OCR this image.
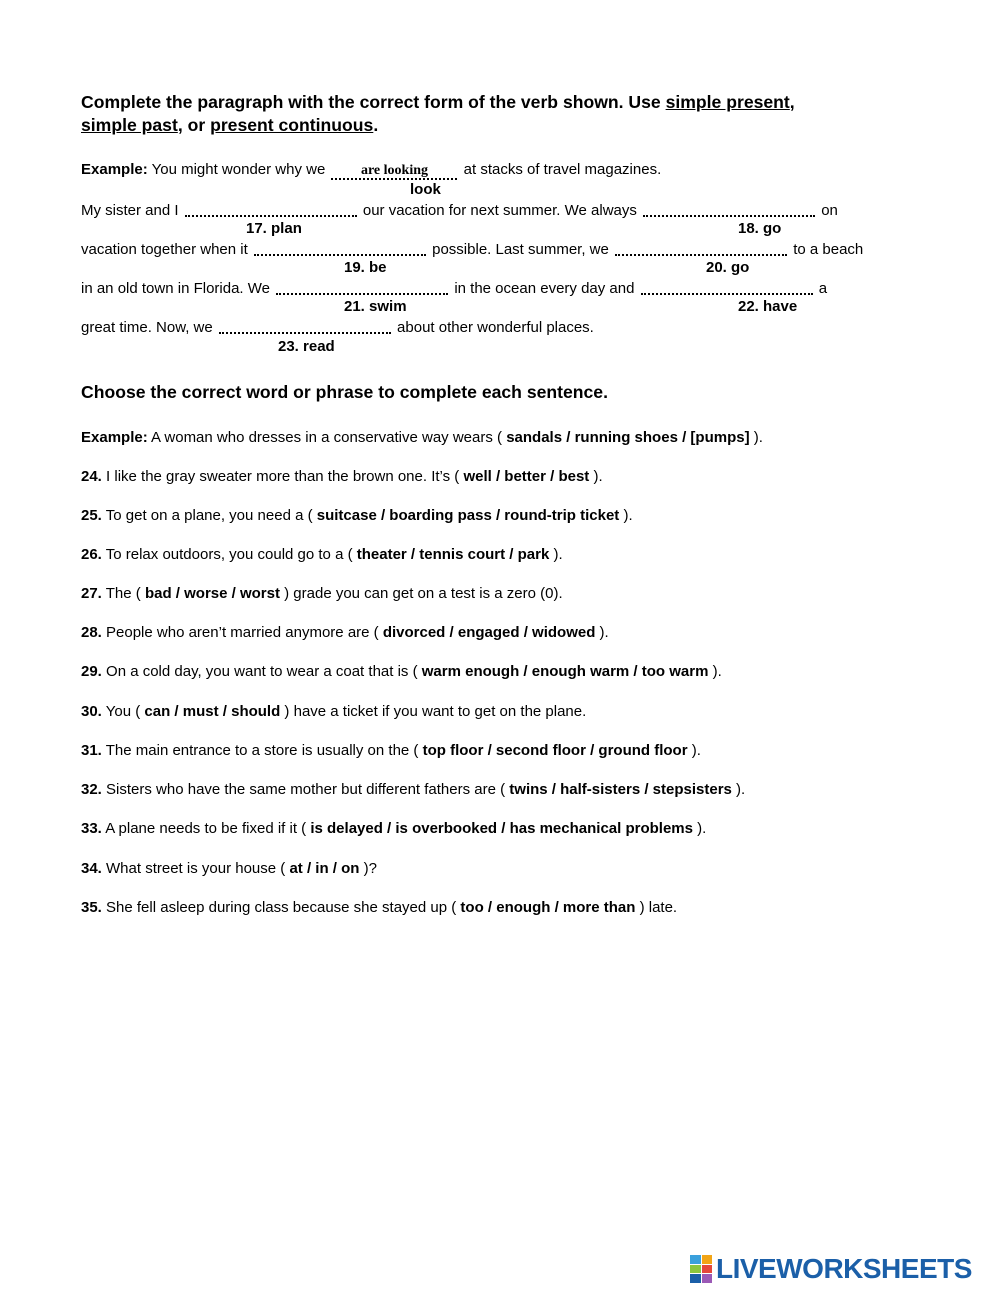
Complete the paragraph with the correct form of the verb shown. Use simple present,
simple past, or present continuous.
Example: You might wonder why we are looking at stacks of travel magazines.
look
My sister and I	our vacation for next summer. We always	on
17. plan	18. go
vacation together when it	possible. Last summer, we	to a beach
19. be	20. go
in an old town in Florida. We	in the ocean every day and	a
21. swim	22. have
great time. Now, we	about other wonderful places.
23. read
Choose the correct word or phrase to complete each sentence.
Example: A woman who dresses in a conservative way wears ( sandals / running shoes / [pumps] ).
24. I like the gray sweater more than the brown one. It’s ( well / better / best ).
25. To get on a plane, you need a ( suitcase / boarding pass / round-trip ticket ).
26. To relax outdoors, you could go to a ( theater / tennis court / park ).
27. The ( bad / worse / worst ) grade you can get on a test is a zero (0).
28. People who aren’t married anymore are ( divorced / engaged / widowed ).
29. On a cold day, you want to wear a coat that is ( warm enough / enough warm / too warm ).
30. You ( can / must / should ) have a ticket if you want to get on the plane.
31. The main entrance to a store is usually on the ( top floor / second floor / ground floor ).
32. Sisters who have the same mother but different fathers are ( twins / half-sisters / stepsisters ).
33. A plane needs to be fixed if it ( is delayed / is overbooked / has mechanical problems ).
34. What street is your house ( at / in / on )?
35. She fell asleep during class because she stayed up ( too / enough / more than ) late.
LIVEWORKSHEETS
